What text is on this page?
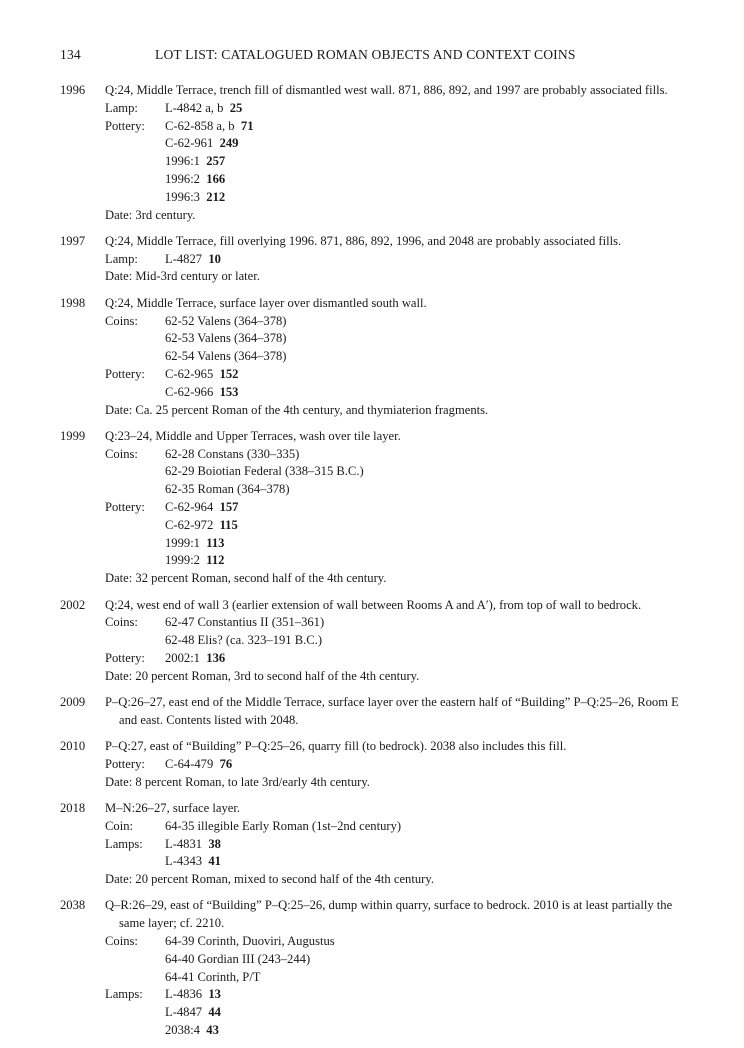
134	LOT LIST: CATALOGUED ROMAN OBJECTS AND CONTEXT COINS
1996 Q:24, Middle Terrace, trench fill of dismantled west wall. 871, 886, 892, and 1997 are probably associated fills.
Lamp:	L-4842 a, b  25
Pottery:	C-62-858 a, b  71
C-62-961  249
1996:1  257
1996:2  166
1996:3  212
Date: 3rd century.
1997 Q:24, Middle Terrace, fill overlying 1996. 871, 886, 892, 1996, and 2048 are probably associated fills.
Lamp:	L-4827  10
Date: Mid-3rd century or later.
1998 Q:24, Middle Terrace, surface layer over dismantled south wall.
Coins:	62-52 Valens (364–378)
62-53 Valens (364–378)
62-54 Valens (364–378)
Pottery:	C-62-965  152
C-62-966  153
Date: Ca. 25 percent Roman of the 4th century, and thymiaterion fragments.
1999 Q:23–24, Middle and Upper Terraces, wash over tile layer.
Coins:	62-28 Constans (330–335)
62-29 Boiotian Federal (338–315 B.C.)
62-35 Roman (364–378)
Pottery:	C-62-964  157
C-62-972  115
1999:1  113
1999:2  112
Date: 32 percent Roman, second half of the 4th century.
2002 Q:24, west end of wall 3 (earlier extension of wall between Rooms A and A′), from top of wall to bedrock.
Coins:	62-47 Constantius II (351–361)
62-48 Elis? (ca. 323–191 B.C.)
Pottery:	2002:1  136
Date: 20 percent Roman, 3rd to second half of the 4th century.
2009 P–Q:26–27, east end of the Middle Terrace, surface layer over the eastern half of “Building” P–Q:25–26, Room E and east. Contents listed with 2048.
2010 P–Q:27, east of “Building” P–Q:25–26, quarry fill (to bedrock). 2038 also includes this fill.
Pottery:	C-64-479  76
Date: 8 percent Roman, to late 3rd/early 4th century.
2018 M–N:26–27, surface layer.
Coin:	64-35 illegible Early Roman (1st–2nd century)
Lamps:	L-4831  38
L-4343  41
Date: 20 percent Roman, mixed to second half of the 4th century.
2038 Q–R:26–29, east of “Building” P–Q:25–26, dump within quarry, surface to bedrock. 2010 is at least partially the same layer; cf. 2210.
Coins:	64-39 Corinth, Duoviri, Augustus
64-40 Gordian III (243–244)
64-41 Corinth, P/T
Lamps:	L-4836  13
L-4847  44
2038:4  43
